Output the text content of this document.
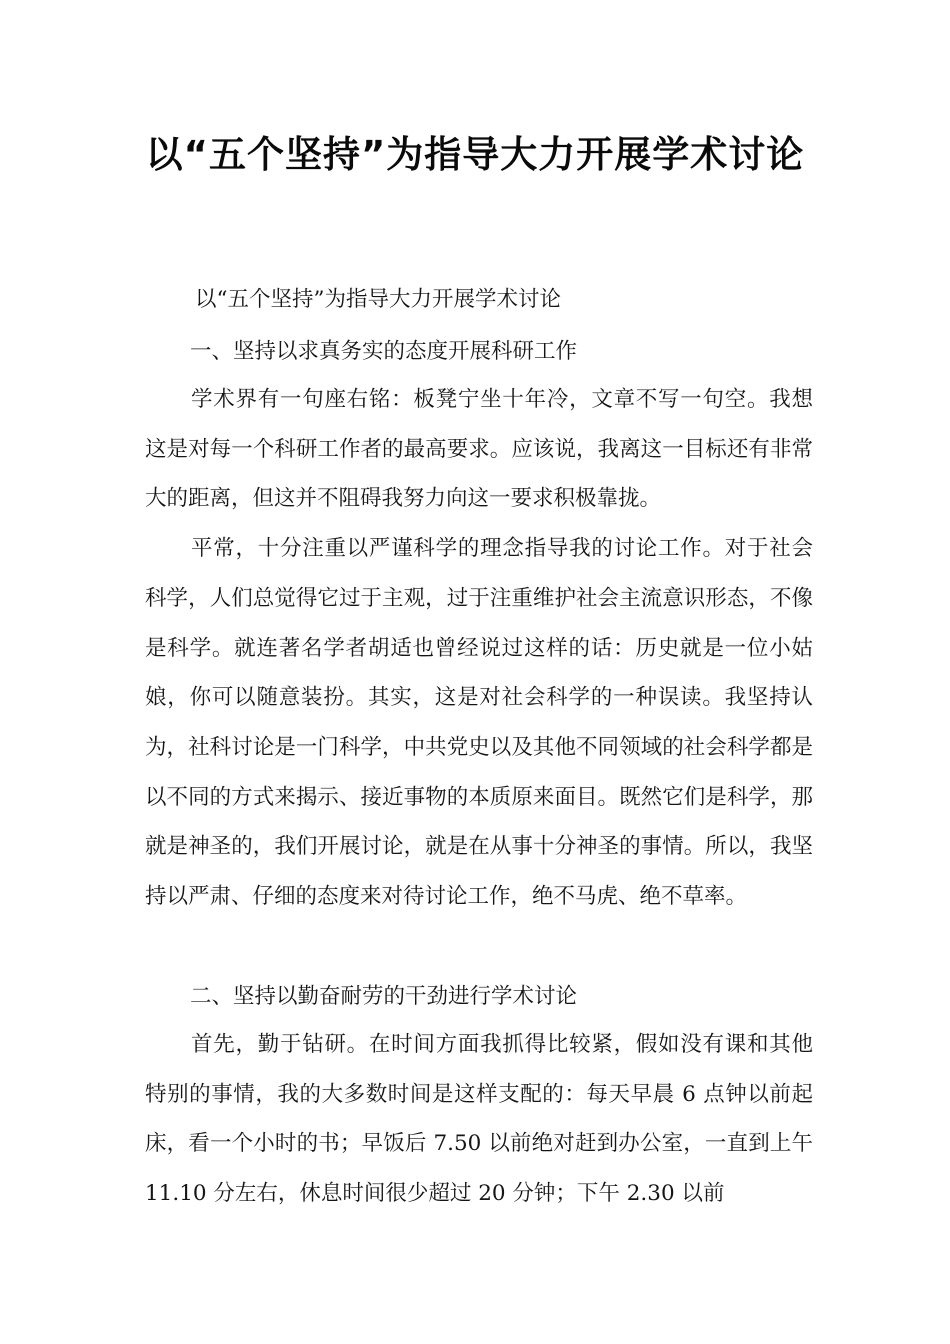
以“五个坚持”为指导大力开展学术讨论
以“五个坚持”为指导大力开展学术讨论
一、坚持以求真务实的态度开展科研工作

学术界有一句座右铭：板凳宁坐十年冷，文章不写一句空。我想这是对每一个科研工作者的最高要求。应该说，我离这一目标还有非常大的距离，但这并不阻碍我努力向这一要求积极靠拢。

平常，十分注重以严谨科学的理念指导我的讨论工作。对于社会科学，人们总觉得它过于主观，过于注重维护社会主流意识形态，不像是科学。就连著名学者胡适也曾经说过这样的话：历史就是一位小姑娘，你可以随意装扮。其实，这是对社会科学的一种误读。我坚持认为，社科讨论是一门科学，中共党史以及其他不同领域的社会科学都是以不同的方式来揭示、接近事物的本质原来面目。既然它们是科学，那就是神圣的，我们开展讨论，就是在从事十分神圣的事情。所以，我坚持以严肃、仔细的态度来对待讨论工作，绝不马虎、绝不草率。

二、坚持以勤奋耐劳的干劲进行学术讨论

首先，勤于钻研。在时间方面我抓得比较紧，假如没有课和其他特别的事情，我的大多数时间是这样支配的：每天早晨 6 点钟以前起床，看一个小时的书；早饭后 7.50 以前绝对赶到办公室，一直到上午 11.10 分左右，休息时间很少超过 20 分钟；下午 2.30 以前
